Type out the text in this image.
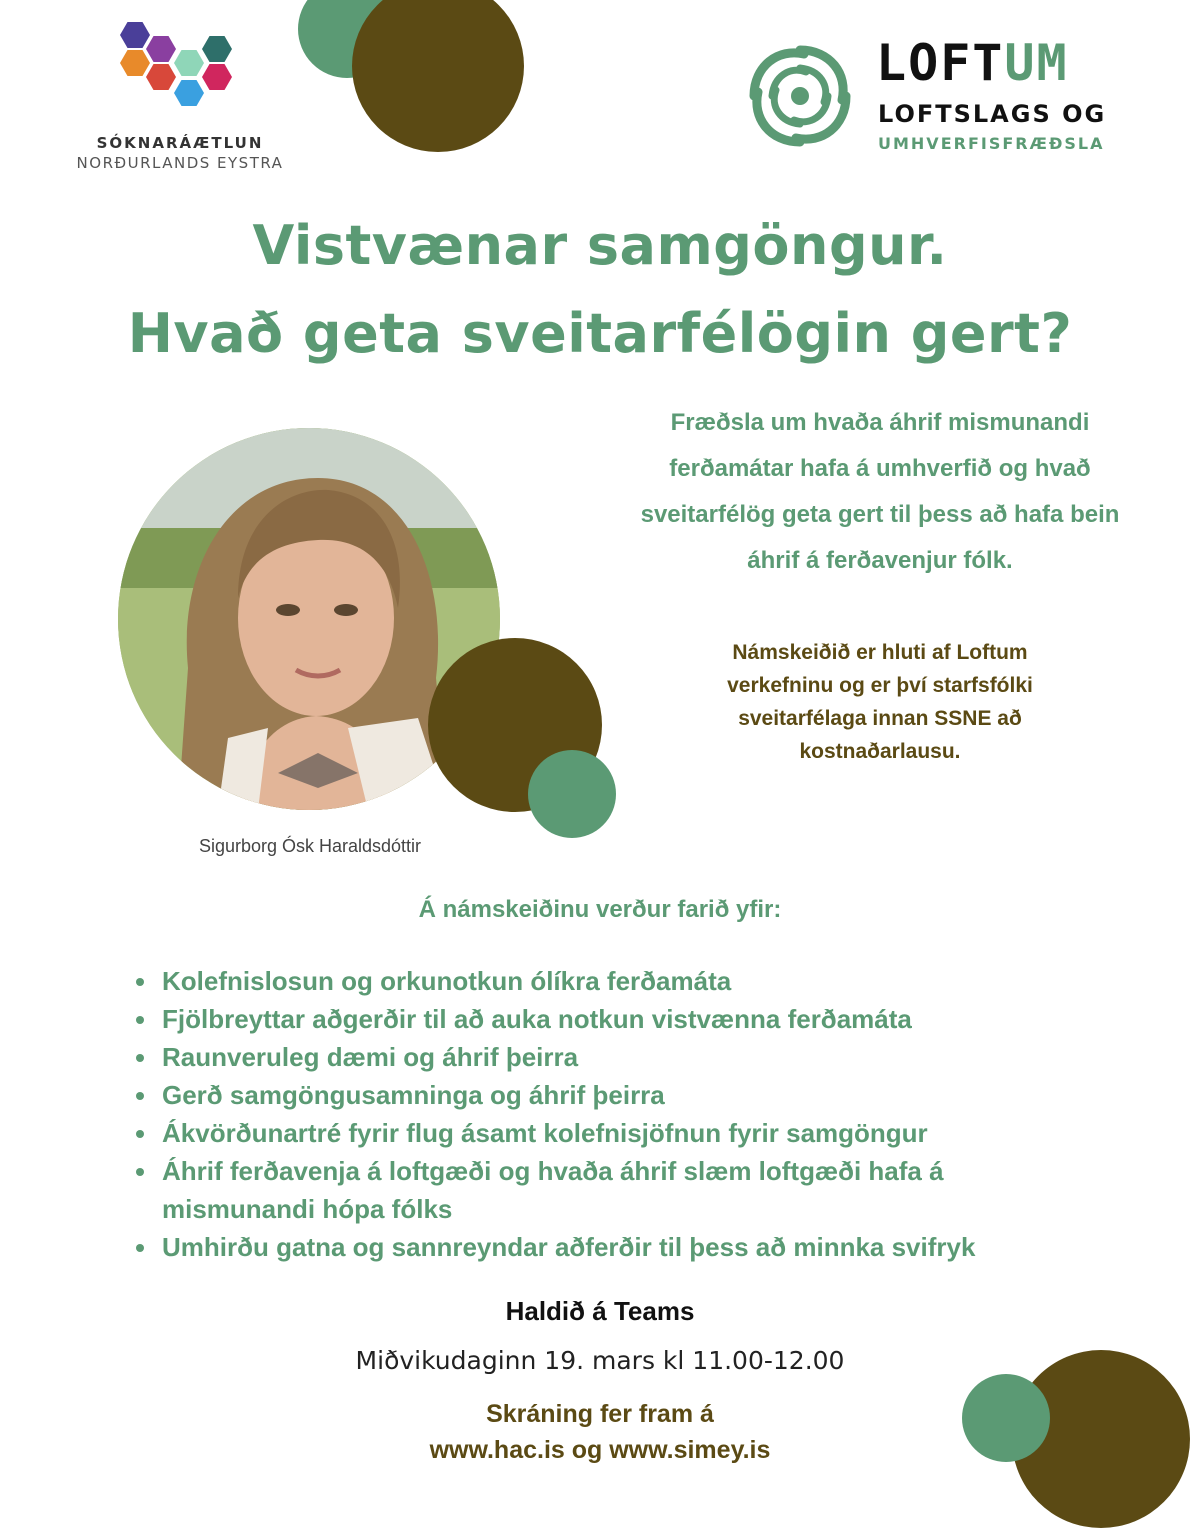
SÓKNARÁÆTLUN
NORÐURLANDS EYSTRA
LOFTUM
LOFTSLAGS OG
UMHVERFISFRÆÐSLA
Vistvænar samgöngur.
Hvað geta sveitarfélögin gert?
Sigurborg Ósk Haraldsdóttir
Fræðsla um hvaða áhrif mismunandi ferðamátar hafa á umhverfið og hvað sveitarfélög geta gert til þess að hafa bein áhrif á ferðavenjur fólk.
Námskeiðið er hluti af Loftum verkefninu og er því starfsfólki sveitarfélaga innan SSNE að kostnaðarlausu.
Á námskeiðinu verður farið yfir:
Kolefnislosun og orkunotkun ólíkra ferðamáta
Fjölbreyttar aðgerðir til að auka notkun vistvænna ferðamáta
Raunveruleg dæmi og áhrif þeirra
Gerð samgöngusamninga og áhrif þeirra
Ákvörðunartré fyrir flug ásamt kolefnisjöfnun fyrir samgöngur
Áhrif ferðavenja á loftgæði og hvaða áhrif slæm loftgæði hafa á mismunandi hópa fólks
Umhirðu gatna og sannreyndar aðferðir til þess að minnka svifryk
Haldið á Teams
Miðvikudaginn 19. mars kl 11.00-12.00
Skráning fer fram á
www.hac.is og www.simey.is
